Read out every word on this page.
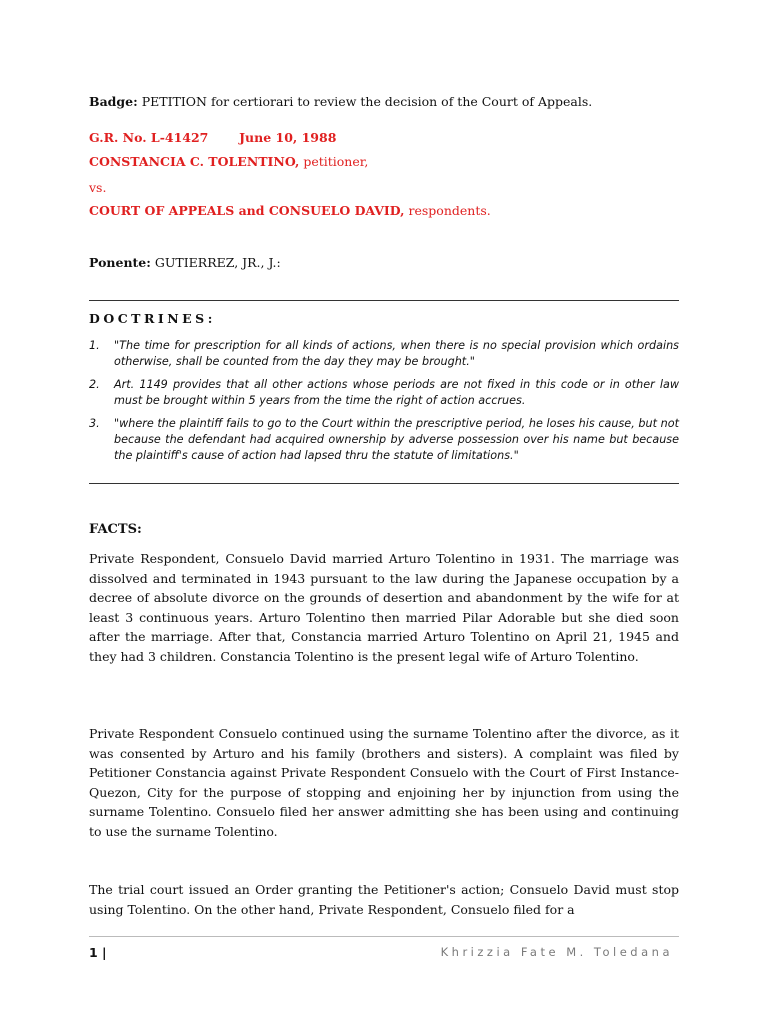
Badge: PETITION for certiorari to review the decision of the Court of Appeals.
G.R. No. L-41427 June 10, 1988
CONSTANCIA C. TOLENTINO, petitioner,
vs.
COURT OF APPEALS and CONSUELO DAVID, respondents.
Ponente: GUTIERREZ, JR., J.:
DOCTRINES:
1. "The time for prescription for all kinds of actions, when there is no special provision which ordains otherwise, shall be counted from the day they may be brought."
2. Art. 1149 provides that all other actions whose periods are not fixed in this code or in other law must be brought within 5 years from the time the right of action accrues.
3. "where the plaintiff fails to go to the Court within the prescriptive period, he loses his cause, but not because the defendant had acquired ownership by adverse possession over his name but because the plaintiff's cause of action had lapsed thru the statute of limitations."
FACTS:

Private Respondent, Consuelo David married Arturo Tolentino in 1931. The marriage was dissolved and terminated in 1943 pursuant to the law during the Japanese occupation by a decree of absolute divorce on the grounds of desertion and abandonment by the wife for at least 3 continuous years. Arturo Tolentino then married Pilar Adorable but she died soon after the marriage. After that, Constancia married Arturo Tolentino on April 21, 1945 and they had 3 children. Constancia Tolentino is the present legal wife of Arturo Tolentino.

Private Respondent Consuelo continued using the surname Tolentino after the divorce, as it was consented by Arturo and his family (brothers and sisters). A complaint was filed by Petitioner Constancia against Private Respondent Consuelo with the Court of First Instance-Quezon, City for the purpose of stopping and enjoining her by injunction from using the surname Tolentino. Consuelo filed her answer admitting she has been using and continuing to use the surname Tolentino.

The trial court issued an Order granting the Petitioner's action; Consuelo David must stop using Tolentino. On the other hand, Private Respondent, Consuelo filed for a

1 |	Khrizzia Fate M. Toledana
